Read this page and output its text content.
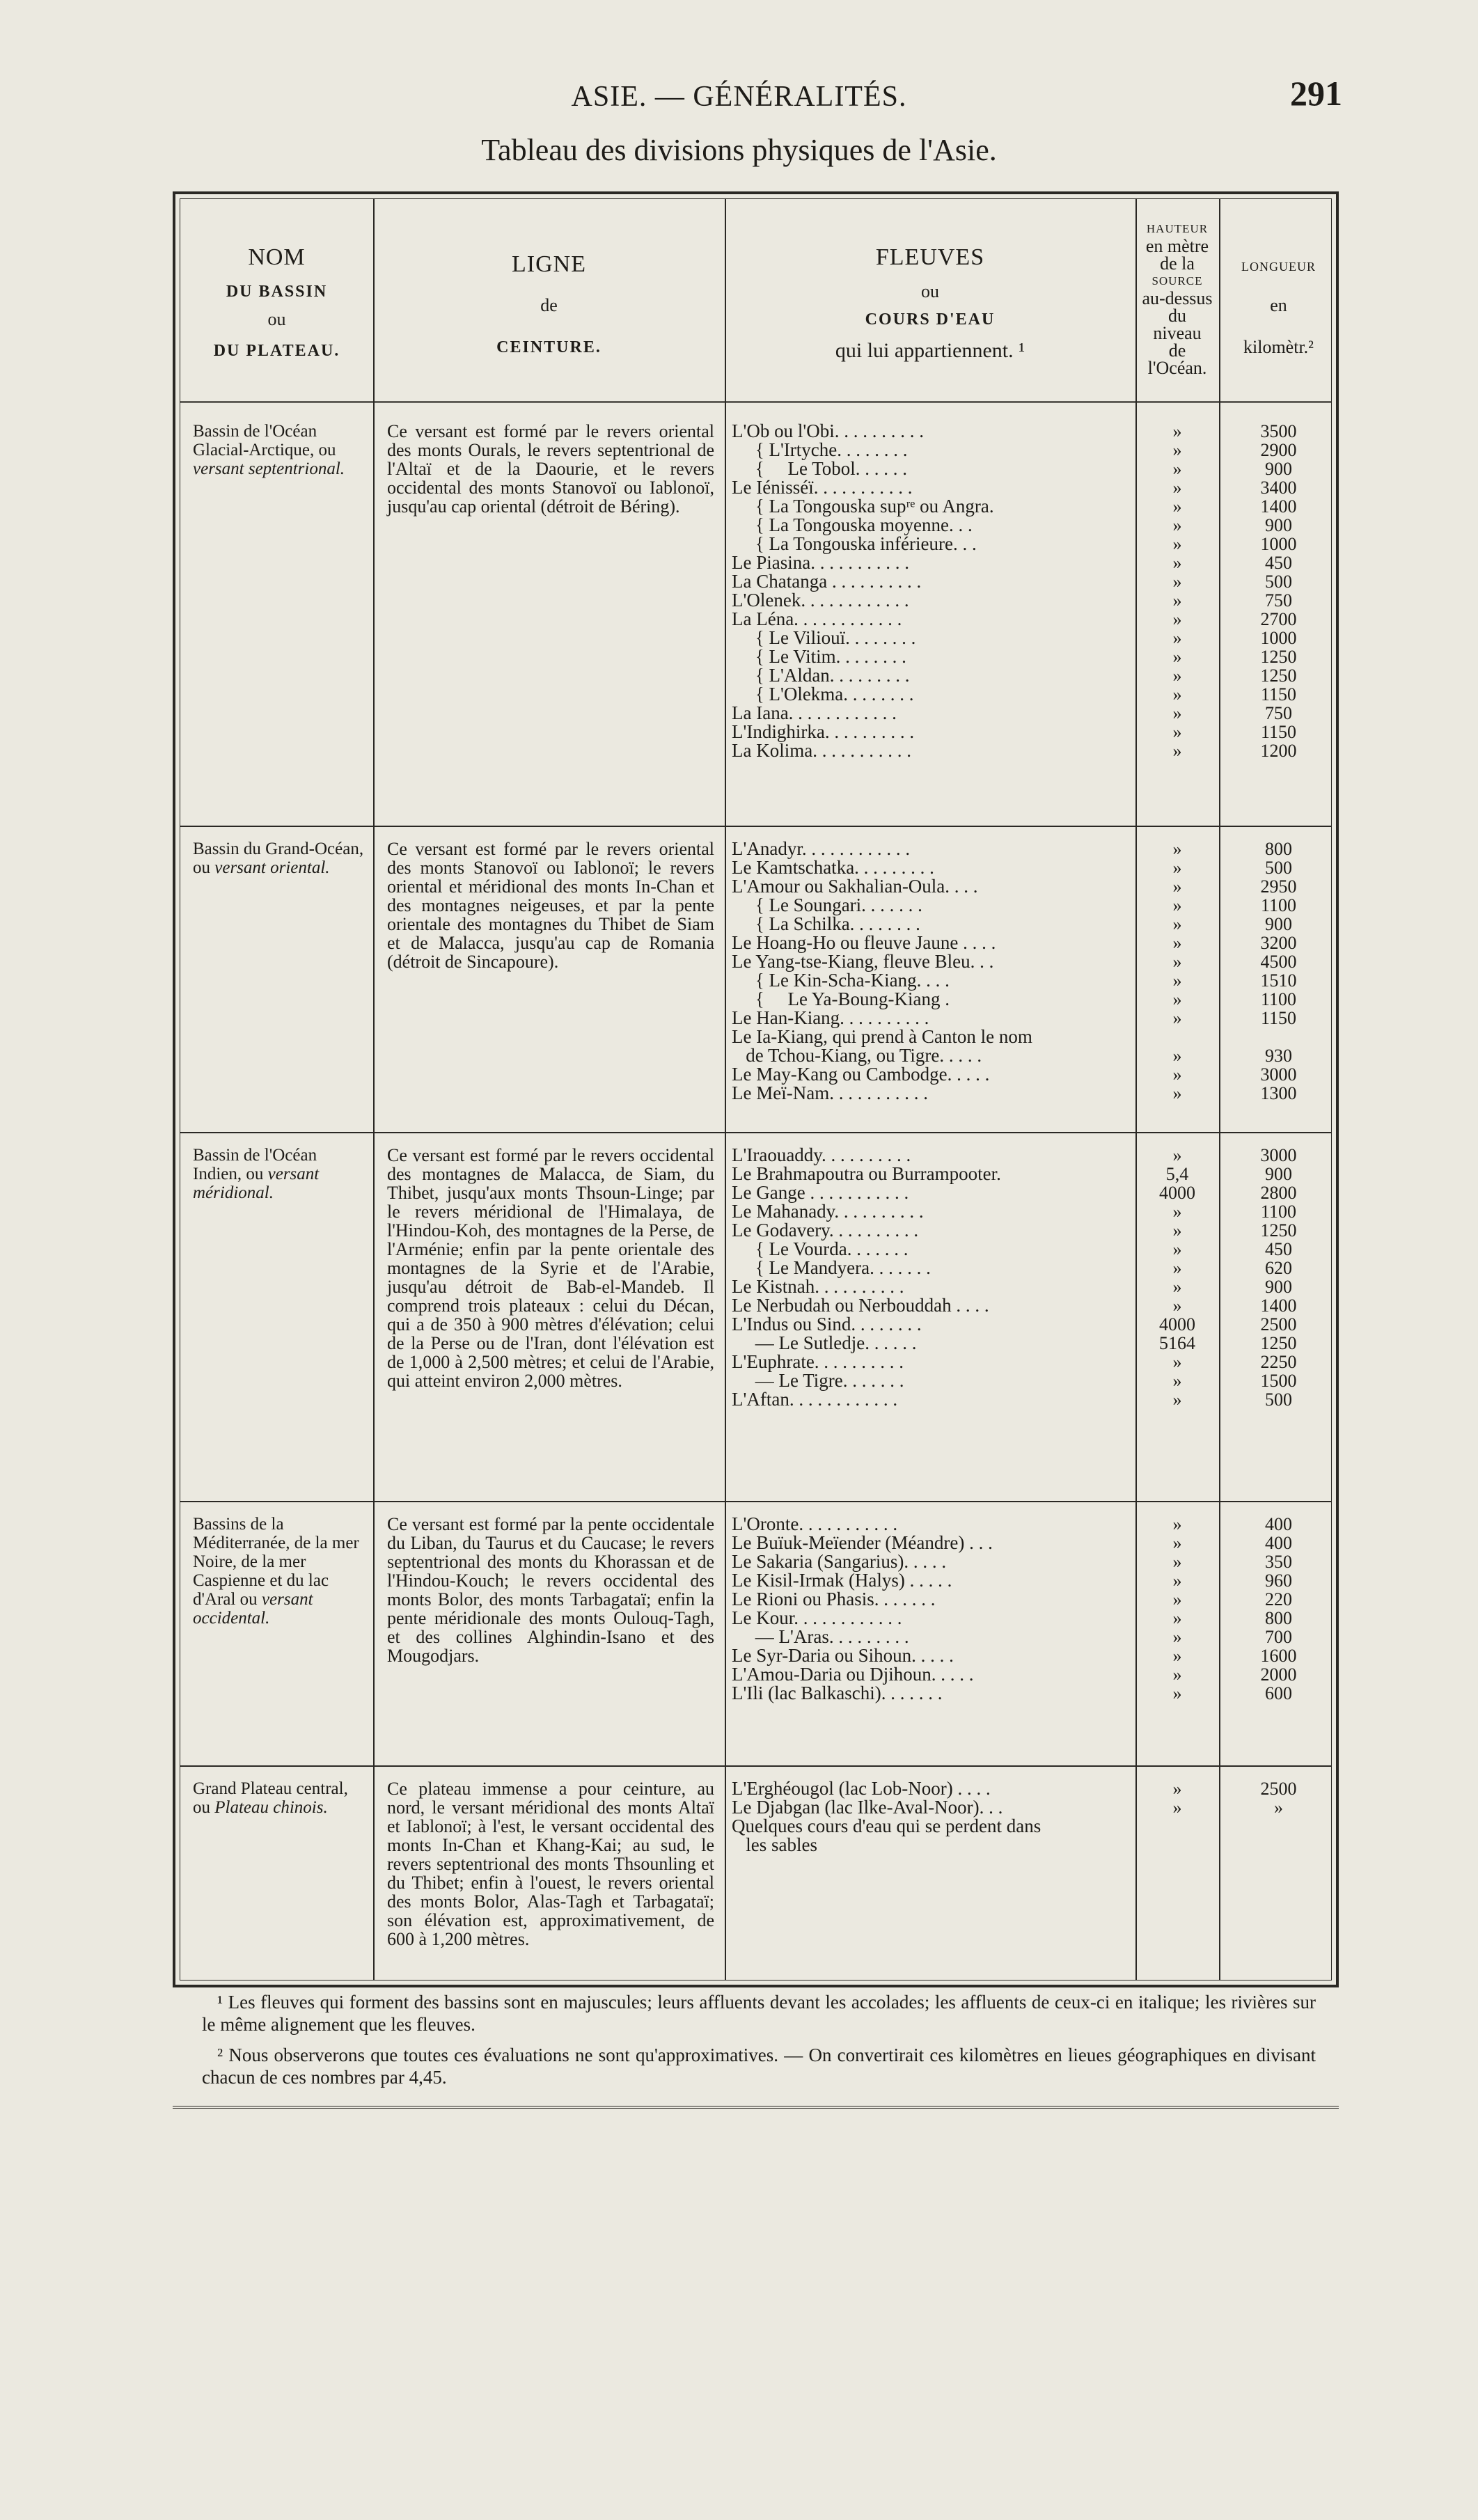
ASIE. — GÉNÉRALITÉS.	291
Tableau des divisions physiques de l'Asie.
NOM
DU BASSIN
ou
DU PLATEAU.
LIGNE
de
CEINTURE.
FLEUVES
ou
COURS D'EAU
qui lui appartiennent. ¹
HAUTEUR
en mètre
de la
SOURCE
au-dessus
du
niveau
de
l'Océan.
LONGUEUR
en
kilomètr.²
Bassin de l'Océan Glacial-Arctique, ou versant septentrional.
Ce versant est formé par le revers oriental des monts Ourals, le revers septentrional de l'Altaï et de la Daourie, et le revers occidental des monts Stanovoï ou Iablonoï, jusqu'au cap oriental (détroit de Béring).
L'Ob ou l'Obi. . . . . . . . . .
{ L'Irtyche. . . . . . . .
{     Le Tobol. . . . . .
Le Iénisséï. . . . . . . . . . .
{ La Tongouska supʳᵉ ou Angra.
{ La Tongouska moyenne. . .
{ La Tongouska inférieure. . .
Le Piasina. . . . . . . . . . .
La Chatanga . . . . . . . . . .
L'Olenek. . . . . . . . . . . .
La Léna. . . . . . . . . . . .
{ Le Viliouï. . . . . . . .
{ Le Vitim. . . . . . . .
{ L'Aldan. . . . . . . . .
{ L'Olekma. . . . . . . .
La Iana. . . . . . . . . . . .
L'Indighirka. . . . . . . . . .
La Kolima. . . . . . . . . . .
»
»
»
»
»
»
»
»
»
»
»
»
»
»
»
»
»
»
3500
2900
900
3400
1400
900
1000
450
500
750
2700
1000
1250
1250
1150
750
1150
1200
Bassin du Grand-Océan, ou versant oriental.
Ce versant est formé par le revers oriental des monts Stanovoï ou Iablonoï; le revers oriental et méridional des monts In-Chan et des montagnes neigeuses, et par la pente orientale des montagnes du Thibet de Siam et de Malacca, jusqu'au cap de Romania (détroit de Sincapoure).
L'Anadyr. . . . . . . . . . . .
Le Kamtschatka. . . . . . . . .
L'Amour ou Sakhalian-Oula. . . .
{ Le Soungari. . . . . . .
{ La Schilka. . . . . . . .
Le Hoang-Ho ou fleuve Jaune . . . .
Le Yang-tse-Kiang, fleuve Bleu. . .
{ Le Kin-Scha-Kiang. . . .
{     Le Ya-Boung-Kiang .
Le Han-Kiang. . . . . . . . . .
Le Ia-Kiang, qui prend à Canton le nom
de Tchou-Kiang, ou Tigre. . . . .
Le May-Kang ou Cambodge. . . . .
Le Meï-Nam. . . . . . . . . . .
»
»
»
»
»
»
»
»
»
»
»
»
»
800
500
2950
1100
900
3200
4500
1510
1100
1150
930
3000
1300
Bassin de l'Océan Indien, ou versant méridional.
Ce versant est formé par le revers occidental des montagnes de Malacca, de Siam, du Thibet, jusqu'aux monts Thsoun-Linge; par le revers méridional de l'Himalaya, de l'Hindou-Koh, des montagnes de la Perse, de l'Arménie; enfin par la pente orientale des montagnes de la Syrie et de l'Arabie, jusqu'au détroit de Bab-el-Mandeb. Il comprend trois plateaux : celui du Décan, qui a de 350 à 900 mètres d'élévation; celui de la Perse ou de l'Iran, dont l'élévation est de 1,000 à 2,500 mètres; et celui de l'Arabie, qui atteint environ 2,000 mètres.
L'Iraouaddy. . . . . . . . . .
Le Brahmapoutra ou Burrampooter.
Le Gange . . . . . . . . . . .
Le Mahanady. . . . . . . . . .
Le Godavery. . . . . . . . . .
{ Le Vourda. . . . . . .
{ Le Mandyera. . . . . . .
Le Kistnah. . . . . . . . . .
Le Nerbudah ou Nerbouddah . . . .
L'Indus ou Sind. . . . . . . .
— Le Sutledje. . . . . .
L'Euphrate. . . . . . . . . .
— Le Tigre. . . . . . .
L'Aftan. . . . . . . . . . . .
»
5,4
4000
»
»
»
»
»
»
4000
5164
»
»
»
3000
900
2800
1100
1250
450
620
900
1400
2500
1250
2250
1500
500
Bassins de la Méditerranée, de la mer Noire, de la mer Caspienne et du lac d'Aral ou versant occidental.
Ce versant est formé par la pente occidentale du Liban, du Taurus et du Caucase; le revers septentrional des monts du Khorassan et de l'Hindou-Kouch; le revers occidental des monts Bolor, des monts Tarbagataï; enfin la pente méridionale des monts Oulouq-Tagh, et des collines Alghindin-Isano et des Mougodjars.
L'Oronte. . . . . . . . . . .
Le Buïuk-Meïender (Méandre) . . .
Le Sakaria (Sangarius). . . . .
Le Kisil-Irmak (Halys) . . . . .
Le Rioni ou Phasis. . . . . . .
Le Kour. . . . . . . . . . . .
— L'Aras. . . . . . . . .
Le Syr-Daria ou Sihoun. . . . .
L'Amou-Daria ou Djihoun. . . . .
L'Ili (lac Balkaschi). . . . . . .
»
»
»
»
»
»
»
»
»
»
400
400
350
960
220
800
700
1600
2000
600
Grand Plateau central, ou Plateau chinois.
Ce plateau immense a pour ceinture, au nord, le versant méridional des monts Altaï et Iablonoï; à l'est, le versant occidental des monts In-Chan et Khang-Kai; au sud, le revers septentrional des monts Thsounling et du Thibet; enfin à l'ouest, le revers oriental des monts Bolor, Alas-Tagh et Tarbagataï; son élévation est, approximativement, de 600 à 1,200 mètres.
L'Erghéougol (lac Lob-Noor) . . . .
Le Djabgan (lac Ilke-Aval-Noor). . .
Quelques cours d'eau qui se perdent dans
les sables
»
»
2500
»

¹ Les fleuves qui forment des bassins sont en majuscules; leurs affluents devant les accolades; les affluents de ceux-ci en italique; les rivières sur le même alignement que les fleuves.

² Nous observerons que toutes ces évaluations ne sont qu'approximatives. — On convertirait ces kilomètres en lieues géographiques en divisant chacun de ces nombres par 4,45.
